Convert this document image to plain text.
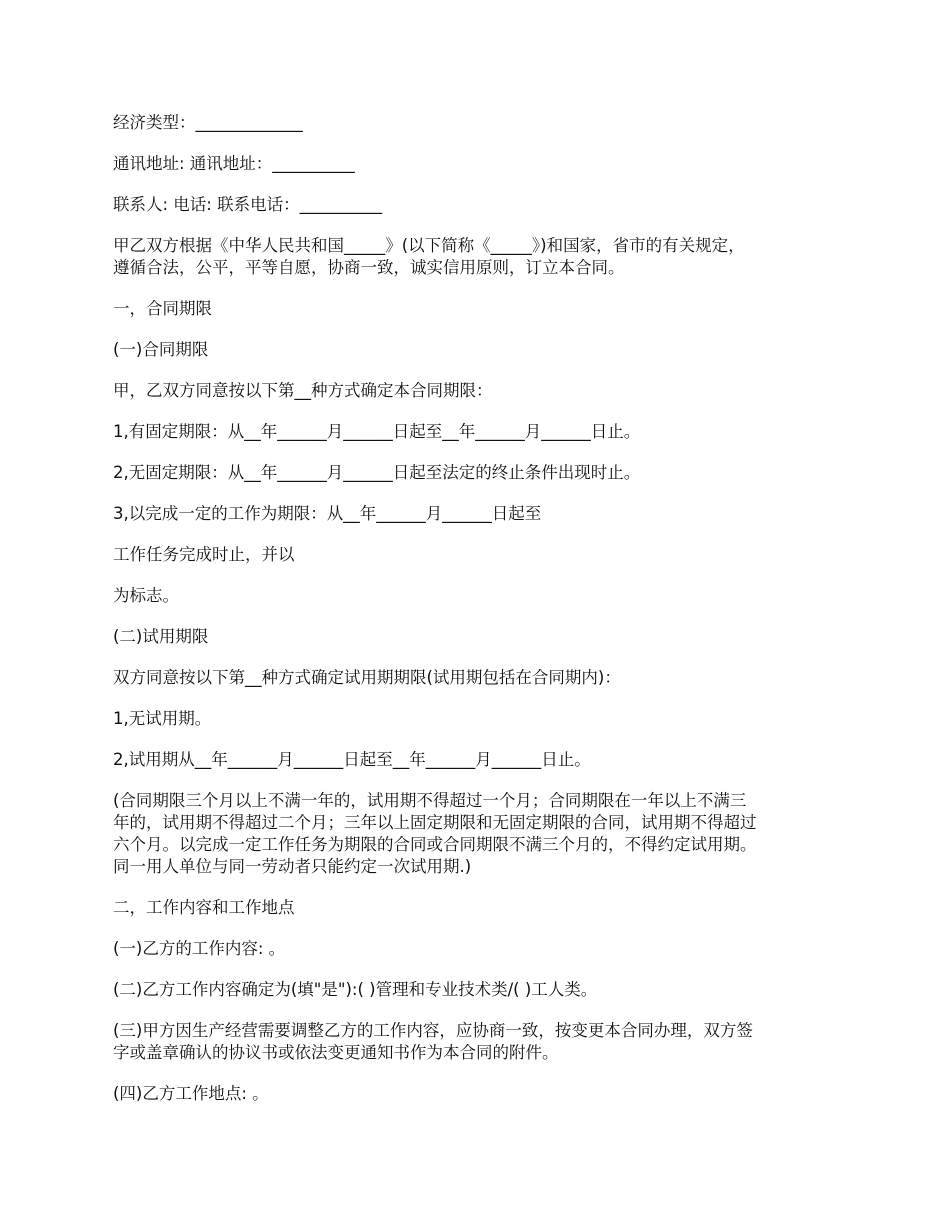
经济类型：_____________

通讯地址: 通讯地址：__________

联系人: 电话: 联系电话：__________

甲乙双方根据《中华人民共和国_____》(以下简称《_____》)和国家，省市的有关规定，
遵循合法，公平，平等自愿，协商一致，诚实信用原则，订立本合同。

一，合同期限

(一)合同期限

甲，乙双方同意按以下第__种方式确定本合同期限：

1,有固定期限：从__年______月______日起至__年______月______日止。

2,无固定期限：从__年______月______日起至法定的终止条件出现时止。

3,以完成一定的工作为期限：从__年______月______日起至

工作任务完成时止，并以

为标志。

(二)试用期限

双方同意按以下第__种方式确定试用期期限(试用期包括在合同期内)：

1,无试用期。

2,试用期从__年______月______日起至__年______月______日止。

(合同期限三个月以上不满一年的，试用期不得超过一个月；合同期限在一年以上不满三
年的，试用期不得超过二个月；三年以上固定期限和无固定期限的合同，试用期不得超过
六个月。以完成一定工作任务为期限的合同或合同期限不满三个月的，不得约定试用期。
同一用人单位与同一劳动者只能约定一次试用期.)

二，工作内容和工作地点

(一)乙方的工作内容: 。

(二)乙方工作内容确定为(填"是"):( )管理和专业技术类/( )工人类。

(三)甲方因生产经营需要调整乙方的工作内容，应协商一致，按变更本合同办理，双方签
字或盖章确认的协议书或依法变更通知书作为本合同的附件。

(四)乙方工作地点: 。
